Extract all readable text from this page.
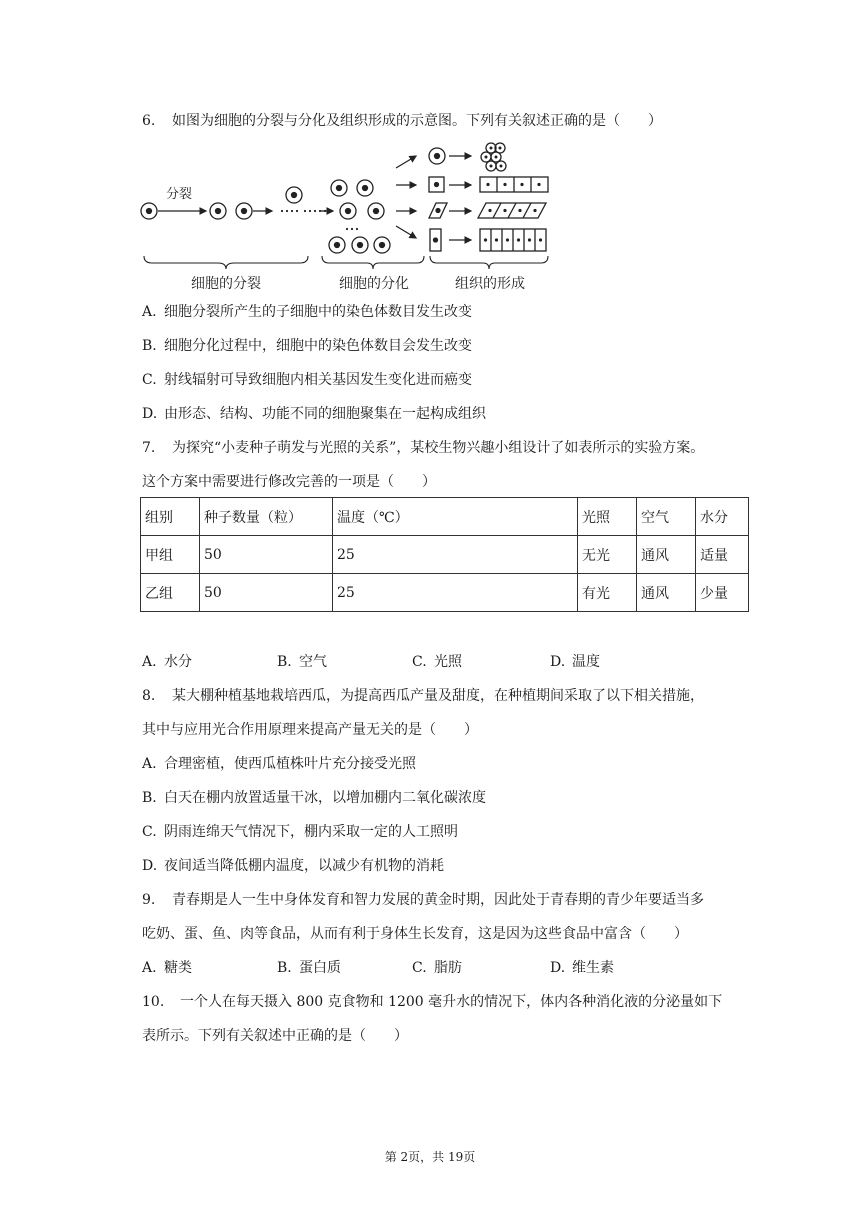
6. 如图为细胞的分裂与分化及组织形成的示意图。下列有关叙述正确的是（　　）
分裂
细胞的分裂	细胞的分化	组织的形成
A. 细胞分裂所产生的子细胞中的染色体数目发生改变
B. 细胞分化过程中，细胞中的染色体数目会发生改变
C. 射线辐射可导致细胞内相关基因发生变化进而癌变
D. 由形态、结构、功能不同的细胞聚集在一起构成组织
7. 为探究“小麦种子萌发与光照的关系”，某校生物兴趣小组设计了如表所示的实验方案。
这个方案中需要进行修改完善的一项是（　　）
组别	种子数量（粒）	温度（℃）	光照	空气	水分
甲组	50	25	无光	通风	适量
乙组	50	25	有光	通风	少量
A. 水分	B. 空气	C. 光照	D. 温度
8. 某大棚种植基地栽培西瓜，为提高西瓜产量及甜度，在种植期间采取了以下相关措施，
其中与应用光合作用原理来提高产量无关的是（　　）
A. 合理密植，使西瓜植株叶片充分接受光照
B. 白天在棚内放置适量干冰，以增加棚内二氧化碳浓度
C. 阴雨连绵天气情况下，棚内采取一定的人工照明
D. 夜间适当降低棚内温度，以减少有机物的消耗
9. 青春期是人一生中身体发育和智力发展的黄金时期，因此处于青春期的青少年要适当多
吃奶、蛋、鱼、肉等食品，从而有利于身体生长发育，这是因为这些食品中富含（　　）
A. 糖类	B. 蛋白质	C. 脂肪	D. 维生素
10. 一个人在每天摄入 800 克食物和 1200 毫升水的情况下，体内各种消化液的分泌量如下
表所示。下列有关叙述中正确的是（　　）
第 2页，共 19页
